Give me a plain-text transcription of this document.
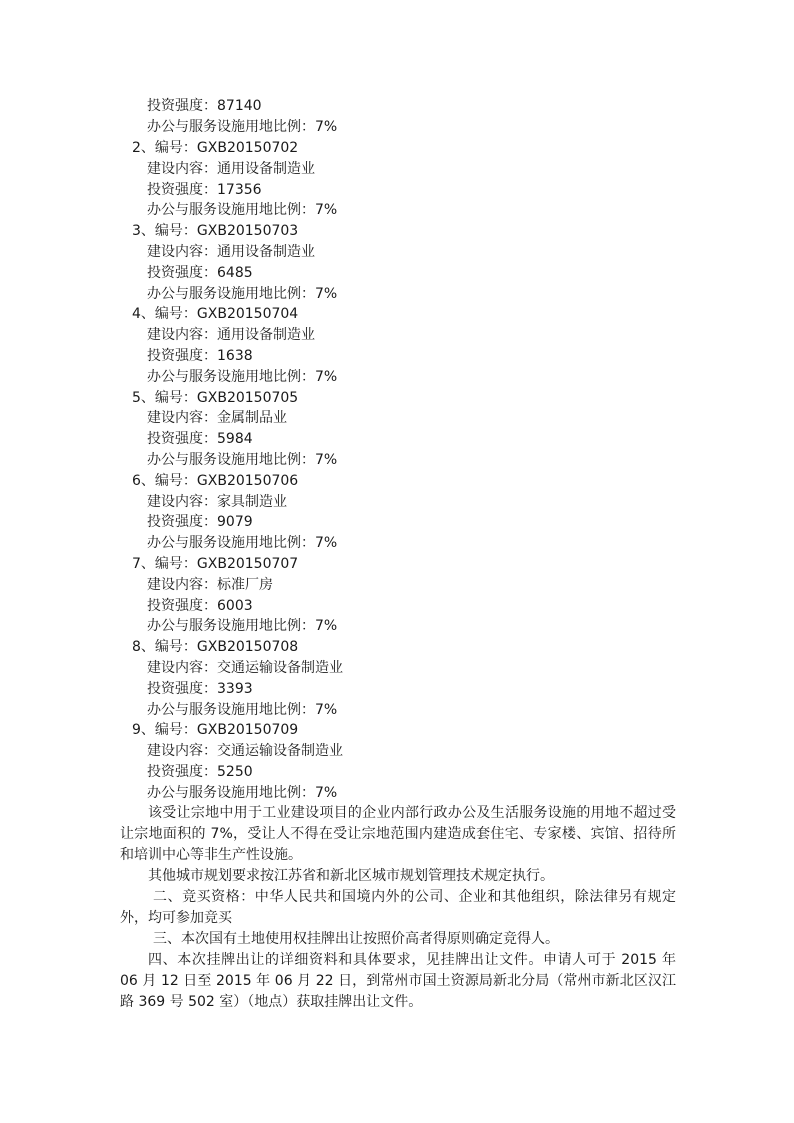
投资强度：87140
办公与服务设施用地比例：7%
2、编号：GXB20150702
建设内容：通用设备制造业
投资强度：17356
办公与服务设施用地比例：7%
3、编号：GXB20150703
建设内容：通用设备制造业
投资强度：6485
办公与服务设施用地比例：7%
4、编号：GXB20150704
建设内容：通用设备制造业
投资强度：1638
办公与服务设施用地比例：7%
5、编号：GXB20150705
建设内容：金属制品业
投资强度：5984
办公与服务设施用地比例：7%
6、编号：GXB20150706
建设内容：家具制造业
投资强度：9079
办公与服务设施用地比例：7%
7、编号：GXB20150707
建设内容：标准厂房
投资强度：6003
办公与服务设施用地比例：7%
8、编号：GXB20150708
建设内容：交通运输设备制造业
投资强度：3393
办公与服务设施用地比例：7%
9、编号：GXB20150709
建设内容：交通运输设备制造业
投资强度：5250
办公与服务设施用地比例：7%

该受让宗地中用于工业建设项目的企业内部行政办公及生活服务设施的用地不超过受让宗地面积的 7%，受让人不得在受让宗地范围内建造成套住宅、专家楼、宾馆、招待所和培训中心等非生产性设施。

其他城市规划要求按江苏省和新北区城市规划管理技术规定执行。

二、竞买资格：中华人民共和国境内外的公司、企业和其他组织，除法律另有规定外，均可参加竞买

三、本次国有土地使用权挂牌出让按照价高者得原则确定竞得人。

四、本次挂牌出让的详细资料和具体要求，见挂牌出让文件。申请人可于 2015 年 06 月 12 日至 2015 年 06 月 22 日，到常州市国土资源局新北分局（常州市新北区汉江路 369 号 502 室）（地点）获取挂牌出让文件。
